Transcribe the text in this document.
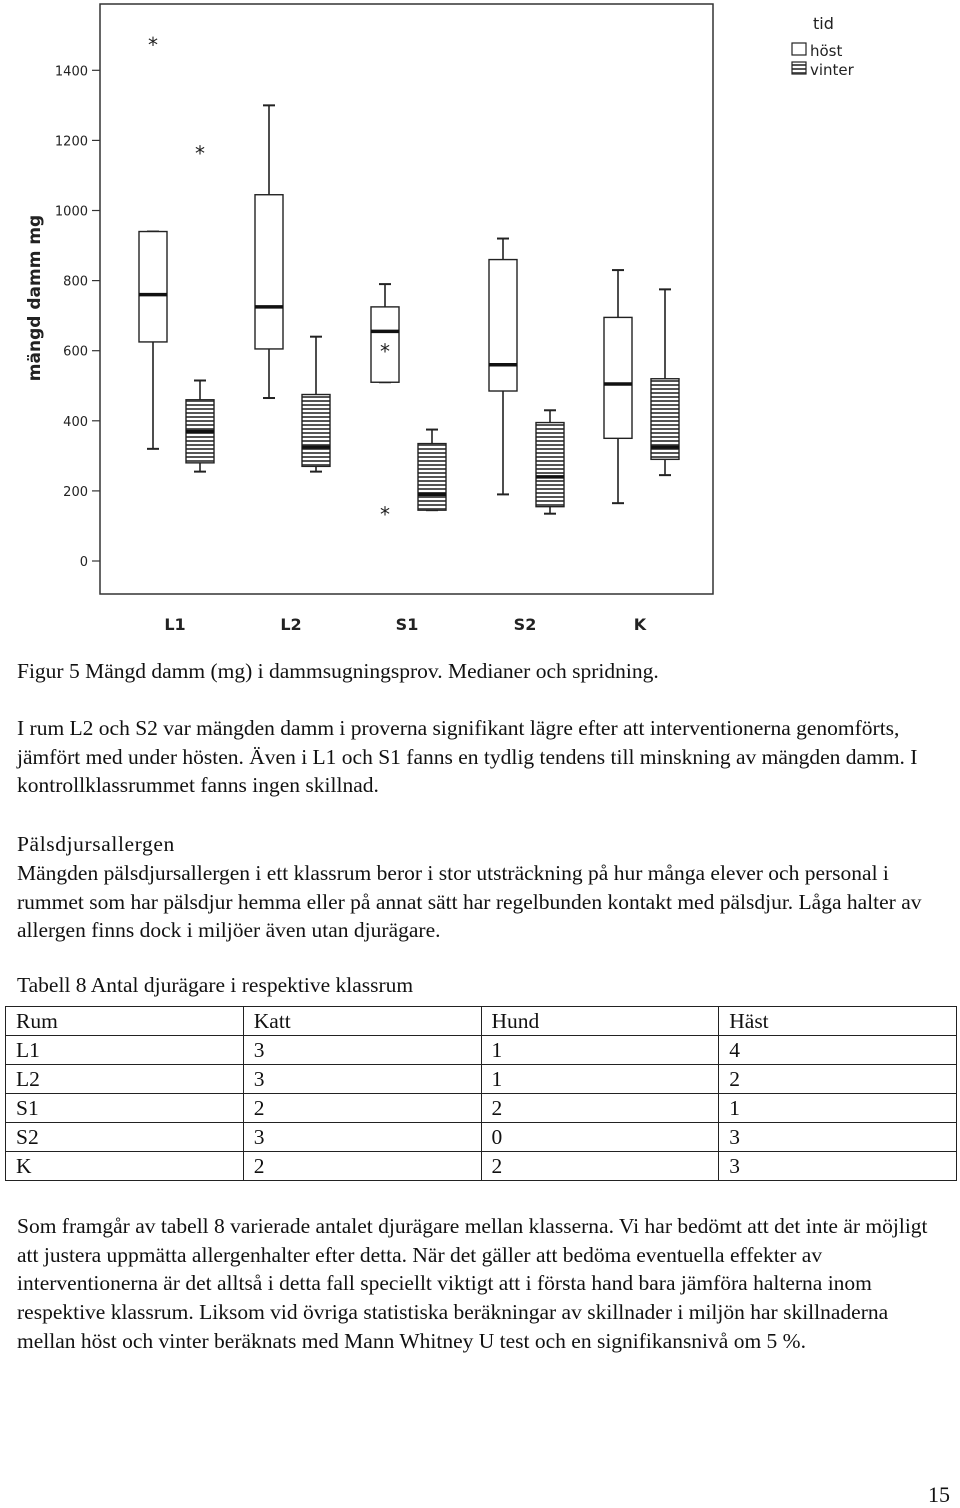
0
200
400
600
800
1000
1200
1400
mängd damm mg
*
*
*
*
L1	L2	S1	S2	K
tid
höst
vinter

Figur 5 Mängd damm (mg) i dammsugningsprov. Medianer och spridning.

I rum L2 och S2 var mängden damm i proverna signifikant lägre efter att interventionerna genomförts, jämfört med under hösten. Även i L1 och S1 fanns en tydlig tendens till minskning av mängden damm. I kontrollklassrummet fanns ingen skillnad.

Pälsdjursallergen

Mängden pälsdjursallergen i ett klassrum beror i stor utsträckning på hur många elever och personal i rummet som har pälsdjur hemma eller på annat sätt har regelbunden kontakt med pälsdjur. Låga halter av allergen finns dock i miljöer även utan djurägare.

Tabell 8 Antal djurägare i respektive klassrum

Rum	Katt	Hund	Häst
L1	3	1	4
L2	3	1	2
S1	2	2	1
S2	3	0	3
K	2	2	3

Som framgår av tabell 8 varierade antalet djurägare mellan klasserna. Vi har bedömt att det inte är möjligt att justera uppmätta allergenhalter efter detta. När det gäller att bedöma eventuella effekter av interventionerna är det alltså i detta fall speciellt viktigt att i första hand bara jämföra halterna inom respektive klassrum. Liksom vid övriga statistiska beräkningar av skillnader i miljön har skillnaderna mellan höst och vinter beräknats med Mann Whitney U test och en signifikansnivå om 5 %.

15
